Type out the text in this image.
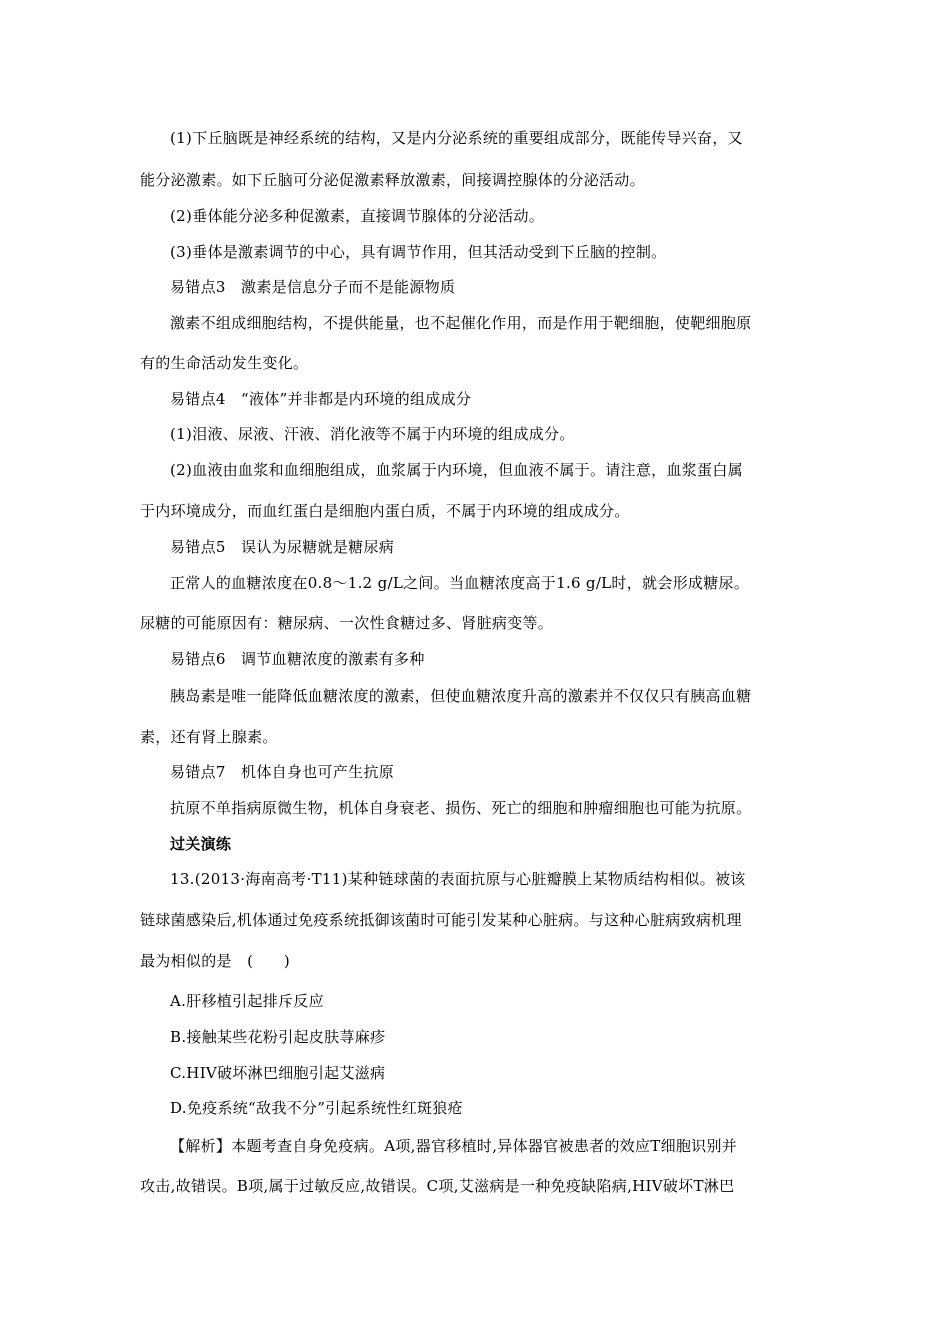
(1)下丘脑既是神经系统的结构，又是内分泌系统的重要组成部分，既能传导兴奋，又
能分泌激素。如下丘脑可分泌促激素释放激素，间接调控腺体的分泌活动。
(2)垂体能分泌多种促激素，直接调节腺体的分泌活动。
(3)垂体是激素调节的中心，具有调节作用，但其活动受到下丘脑的控制。
易错点3　激素是信息分子而不是能源物质
激素不组成细胞结构，不提供能量，也不起催化作用，而是作用于靶细胞，使靶细胞原
有的生命活动发生变化。
易错点4　“液体”并非都是内环境的组成成分
(1)泪液、尿液、汗液、消化液等不属于内环境的组成成分。
(2)血液由血浆和血细胞组成，血浆属于内环境，但血液不属于。请注意，血浆蛋白属
于内环境成分，而血红蛋白是细胞内蛋白质，不属于内环境的组成成分。
易错点5　误认为尿糖就是糖尿病
正常人的血糖浓度在0.8～1.2 g/L之间。当血糖浓度高于1.6 g/L时，就会形成糖尿。
尿糖的可能原因有：糖尿病、一次性食糖过多、肾脏病变等。
易错点6　调节血糖浓度的激素有多种
胰岛素是唯一能降低血糖浓度的激素，但使血糖浓度升高的激素并不仅仅只有胰高血糖
素，还有肾上腺素。
易错点7　机体自身也可产生抗原
抗原不单指病原微生物，机体自身衰老、损伤、死亡的细胞和肿瘤细胞也可能为抗原。
过关演练
13.(2013·海南高考·T11)某种链球菌的表面抗原与心脏瓣膜上某物质结构相似。被该
链球菌感染后,机体通过免疫系统抵御该菌时可能引发某种心脏病。与这种心脏病致病机理
最为相似的是　(　　)
A.肝移植引起排斥反应
B.接触某些花粉引起皮肤荨麻疹
C.HIV破坏淋巴细胞引起艾滋病
D.免疫系统“敌我不分”引起系统性红斑狼疮
【解析】本题考查自身免疫病。A项,器官移植时,异体器官被患者的效应T细胞识别并
攻击,故错误。B项,属于过敏反应,故错误。C项,艾滋病是一种免疫缺陷病,HIV破坏T淋巴
